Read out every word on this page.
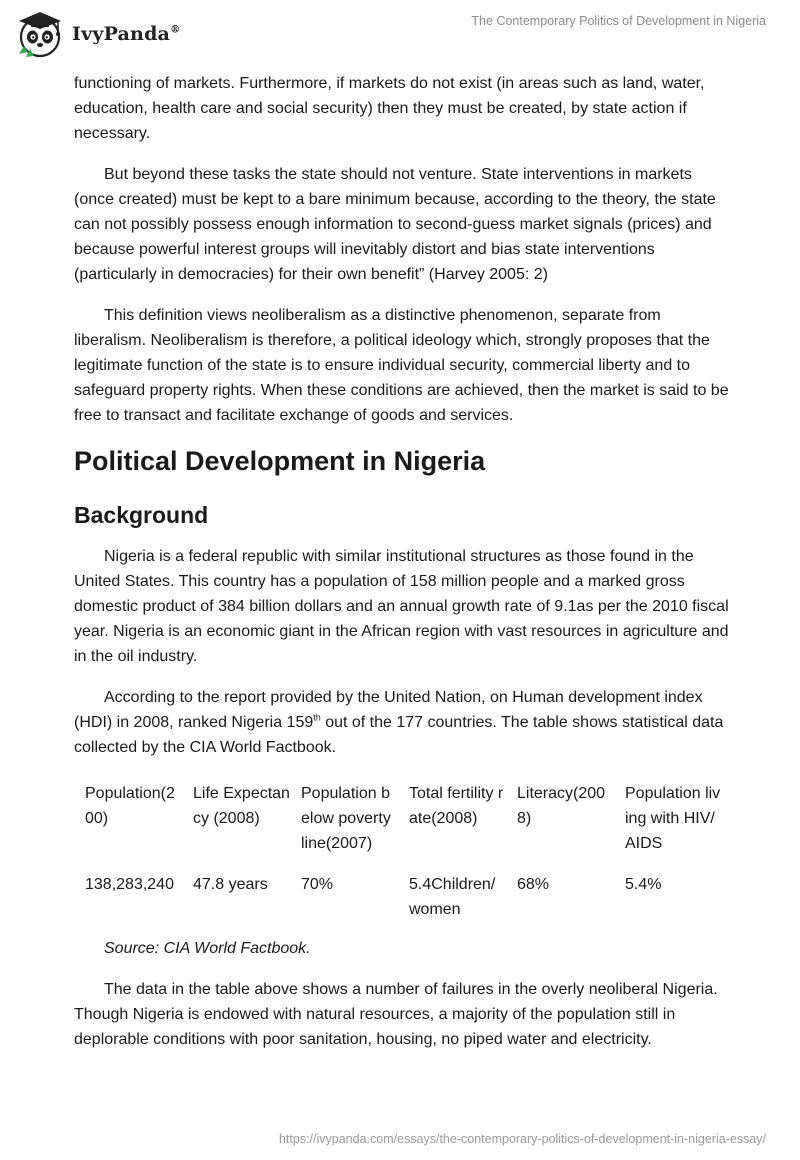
IvyPanda®
The Contemporary Politics of Development in Nigeria

functioning of markets. Furthermore, if markets do not exist (in areas such as land, water, education, health care and social security) then they must be created, by state action if necessary.

But beyond these tasks the state should not venture. State interventions in markets (once created) must be kept to a bare minimum because, according to the theory, the state can not possibly possess enough information to second-guess market signals (prices) and because powerful interest groups will inevitably distort and bias state interventions (particularly in democracies) for their own benefit” (Harvey 2005: 2)

This definition views neoliberalism as a distinctive phenomenon, separate from liberalism. Neoliberalism is therefore, a political ideology which, strongly proposes that the legitimate function of the state is to ensure individual security, commercial liberty and to safeguard property rights. When these conditions are achieved, then the market is said to be free to transact and facilitate exchange of goods and services.

Political Development in Nigeria
Background

Nigeria is a federal republic with similar institutional structures as those found in the United States. This country has a population of 158 million people and a marked gross domestic product of 384 billion dollars and an annual growth rate of 9.1as per the 2010 fiscal year. Nigeria is an economic giant in the African region with vast resources in agriculture and in the oil industry.

According to the report provided by the United Nation, on Human development index (HDI) in 2008, ranked Nigeria 159th out of the 177 countries. The table shows statistical data collected by the CIA World Factbook.

Population(200)	Life Expectancy (2008)	Population below poverty line(2007)	Total fertility rate(2008)	Literacy(2008)	Population living with HIV/AIDS
138,283,240	47.8 years	70%	5.4Children/women	68%	5.4%

Source: CIA World Factbook.

The data in the table above shows a number of failures in the overly neoliberal Nigeria. Though Nigeria is endowed with natural resources, a majority of the population still in deplorable conditions with poor sanitation, housing, no piped water and electricity.

https://ivypanda.com/essays/the-contemporary-politics-of-development-in-nigeria-essay/
